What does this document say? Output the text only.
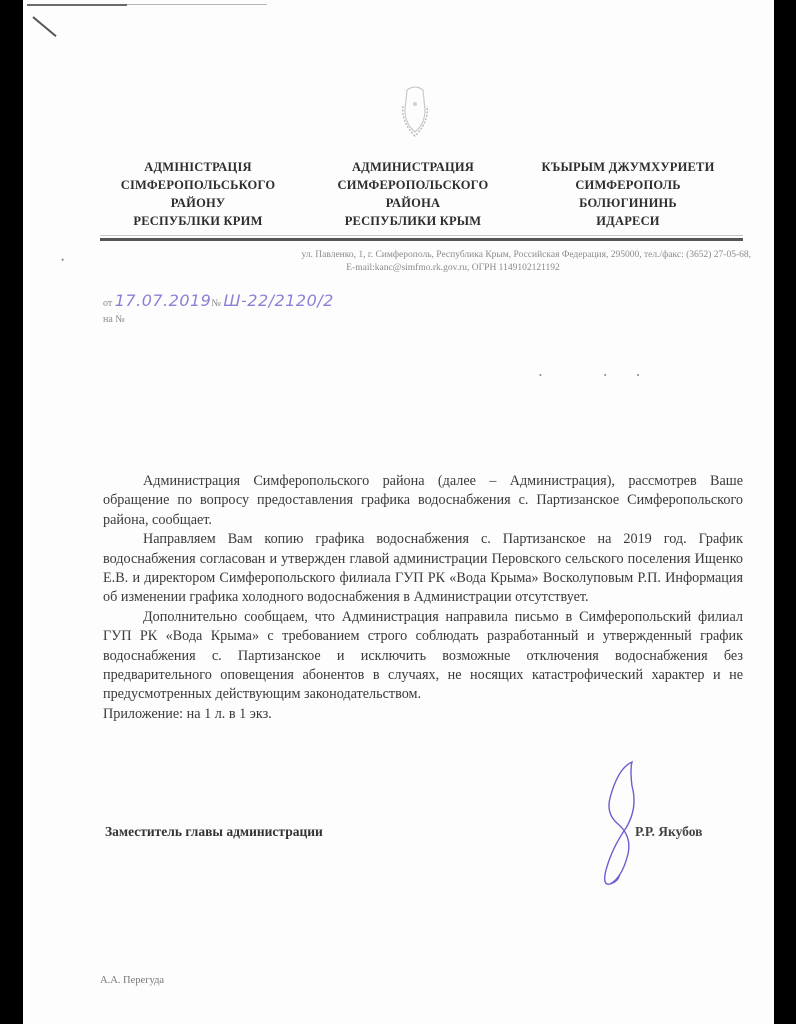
АДМІНІСТРАЦІЯ
СІМФЕРОПОЛЬСЬКОГО
РАЙОНУ
РЕСПУБЛІКИ КРИМ
АДМИНИСТРАЦИЯ
СИМФЕРОПОЛЬСКОГО
РАЙОНА
РЕСПУБЛИКИ КРЫМ
КЪЫРЫМ ДЖУМХУРИЕТИ
СИМФЕРОПОЛЬ
БОЛЮГИНИНЬ
ИДАРЕСИ
•	ул. Павленко, 1, г. Симферополь, Республика Крым, Российская Федерация, 295000, тел./факс: (3652) 27-05-68,
E-mail:kanc@simfmo.rk.gov.ru, ОГРН 1149102121192
от 17.07.2019№ Ш-22/2120/2
на №
• ••

Администрация Симферопольского района (далее – Администрация), рассмотрев Ваше обращение по вопросу предоставления графика водоснабжения с. Партизанское Симферопольского района, сообщает.

Направляем Вам копию графика водоснабжения с. Партизанское на 2019 год. График водоснабжения согласован и утвержден главой администрации Перовского сельского поселения Ищенко Е.В. и директором Симферопольского филиала ГУП РК «Вода Крыма» Восколуповым Р.П. Информация об изменении графика холодного водоснабжения в Администрации отсутствует.

Дополнительно сообщаем, что Администрация направила письмо в Симферопольский филиал ГУП РК «Вода Крыма» с требованием строго соблюдать разработанный и утвержденный график водоснабжения с. Партизанское и исключить возможные отключения водоснабжения без предварительного оповещения абонентов в случаях, не носящих катастрофический характер и не предусмотренных действующим законодательством.

Приложение: на 1 л. в 1 экз.

Заместитель главы администрации	Р.Р. Якубов
А.А. Перегуда
